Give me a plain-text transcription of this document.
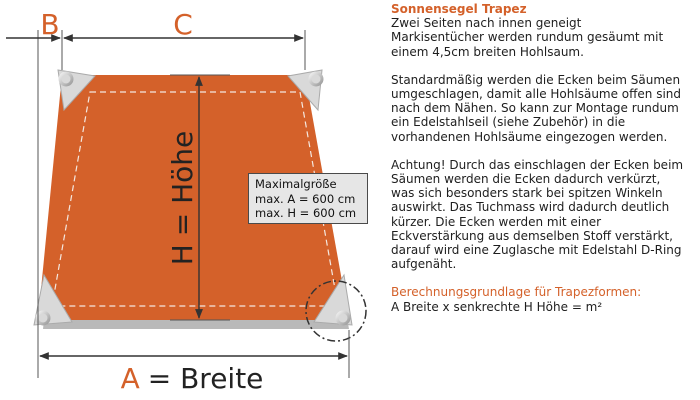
B	C
H= Höhe
A = Breite
Maximalgröße
max. A = 600 cm
max. H = 600 cm

Sonnensegel Trapez

Zwei Seiten nach innen geneigt

Markisentücher werden rundum gesäumt mit

einem 4,5cm breiten Hohlsaum.

Standardmäßig werden die Ecken beim Säumen

umgeschlagen, damit alle Hohlsäume offen sind

nach dem Nähen. So kann zur Montage rundum

ein Edelstahlseil (siehe Zubehör) in die

vorhandenen Hohlsäume eingezogen werden.

Achtung! Durch das einschlagen der Ecken beim

Säumen werden die Ecken dadurch verkürzt,

was sich besonders stark bei spitzen Winkeln

auswirkt. Das Tuchmass wird dadurch deutlich

kürzer. Die Ecken werden mit einer

Eckverstärkung aus demselben Stoff verstärkt,

darauf wird eine Zuglasche mit Edelstahl D-Ring

aufgenäht.

Berechnungsgrundlage für Trapezformen:

A Breite x senkrechte H Höhe = m²
